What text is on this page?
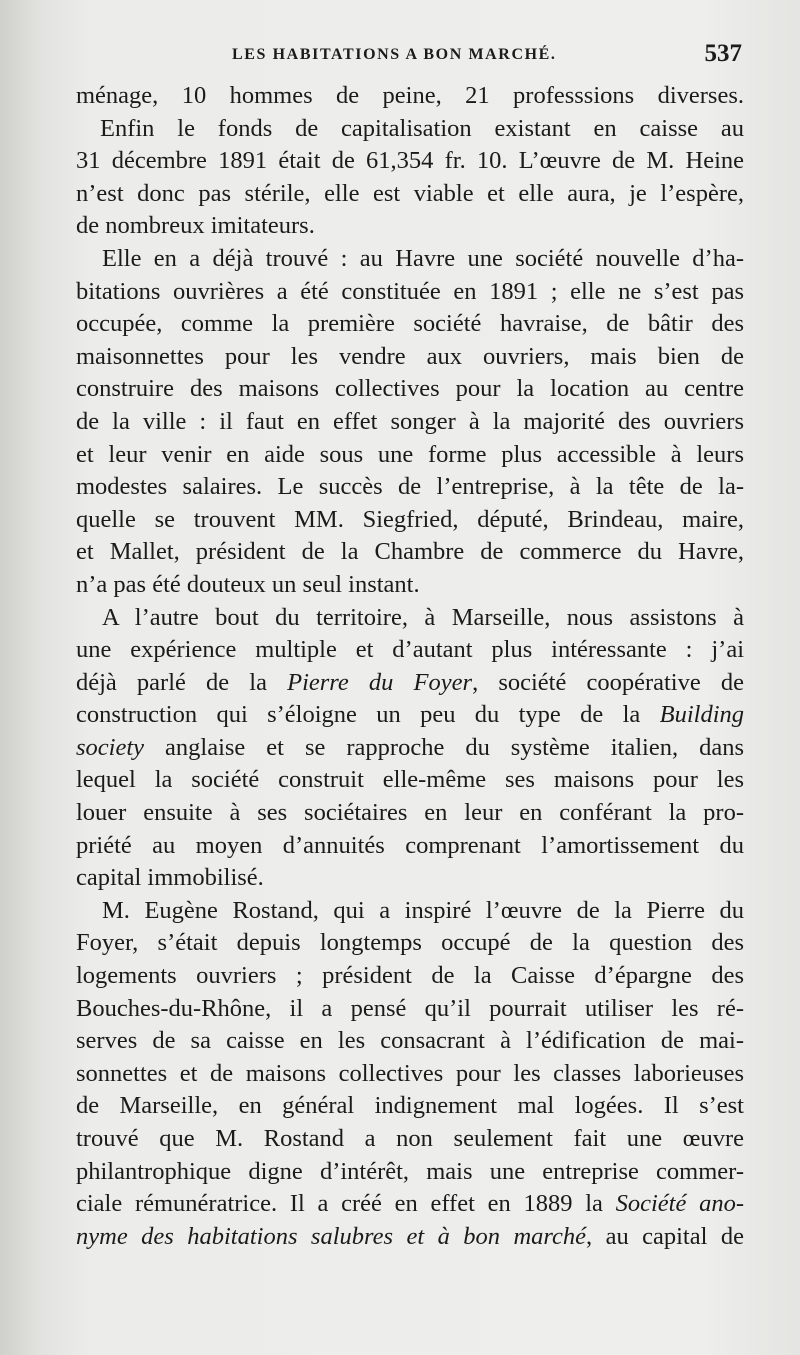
LES HABITATIONS A BON MARCHÉ.	537
ménage, 10 hommes de peine, 21 professsions diverses.
Enfin le fonds de capitalisation existant en caisse au
31 décembre 1891 était de 61,354 fr. 10. L’œuvre de M. Heine
n’est donc pas stérile, elle est viable et elle aura, je l’espère,
de nombreux imitateurs.
Elle en a déjà trouvé : au Havre une société nouvelle d’ha-
bitations ouvrières a été constituée en 1891 ; elle ne s’est pas
occupée, comme la première société havraise, de bâtir des
maisonnettes pour les vendre aux ouvriers, mais bien de
construire des maisons collectives pour la location au centre
de la ville : il faut en effet songer à la majorité des ouvriers
et leur venir en aide sous une forme plus accessible à leurs
modestes salaires. Le succès de l’entreprise, à la tête de la-
quelle se trouvent MM. Siegfried, député, Brindeau, maire,
et Mallet, président de la Chambre de commerce du Havre,
n’a pas été douteux un seul instant.
A l’autre bout du territoire, à Marseille, nous assistons à
une expérience multiple et d’autant plus intéressante : j’ai
déjà parlé de la Pierre du Foyer, société coopérative de
construction qui s’éloigne un peu du type de la Building
society anglaise et se rapproche du système italien, dans
lequel la société construit elle-même ses maisons pour les
louer ensuite à ses sociétaires en leur en conférant la pro-
priété au moyen d’annuités comprenant l’amortissement du
capital immobilisé.
M. Eugène Rostand, qui a inspiré l’œuvre de la Pierre du
Foyer, s’était depuis longtemps occupé de la question des
logements ouvriers ; président de la Caisse d’épargne des
Bouches-du-Rhône, il a pensé qu’il pourrait utiliser les ré-
serves de sa caisse en les consacrant à l’édification de mai-
sonnettes et de maisons collectives pour les classes laborieuses
de Marseille, en général indignement mal logées. Il s’est
trouvé que M. Rostand a non seulement fait une œuvre
philantrophique digne d’intérêt, mais une entreprise commer-
ciale rémunératrice. Il a créé en effet en 1889 la Société ano-
nyme des habitations salubres et à bon marché, au capital de
